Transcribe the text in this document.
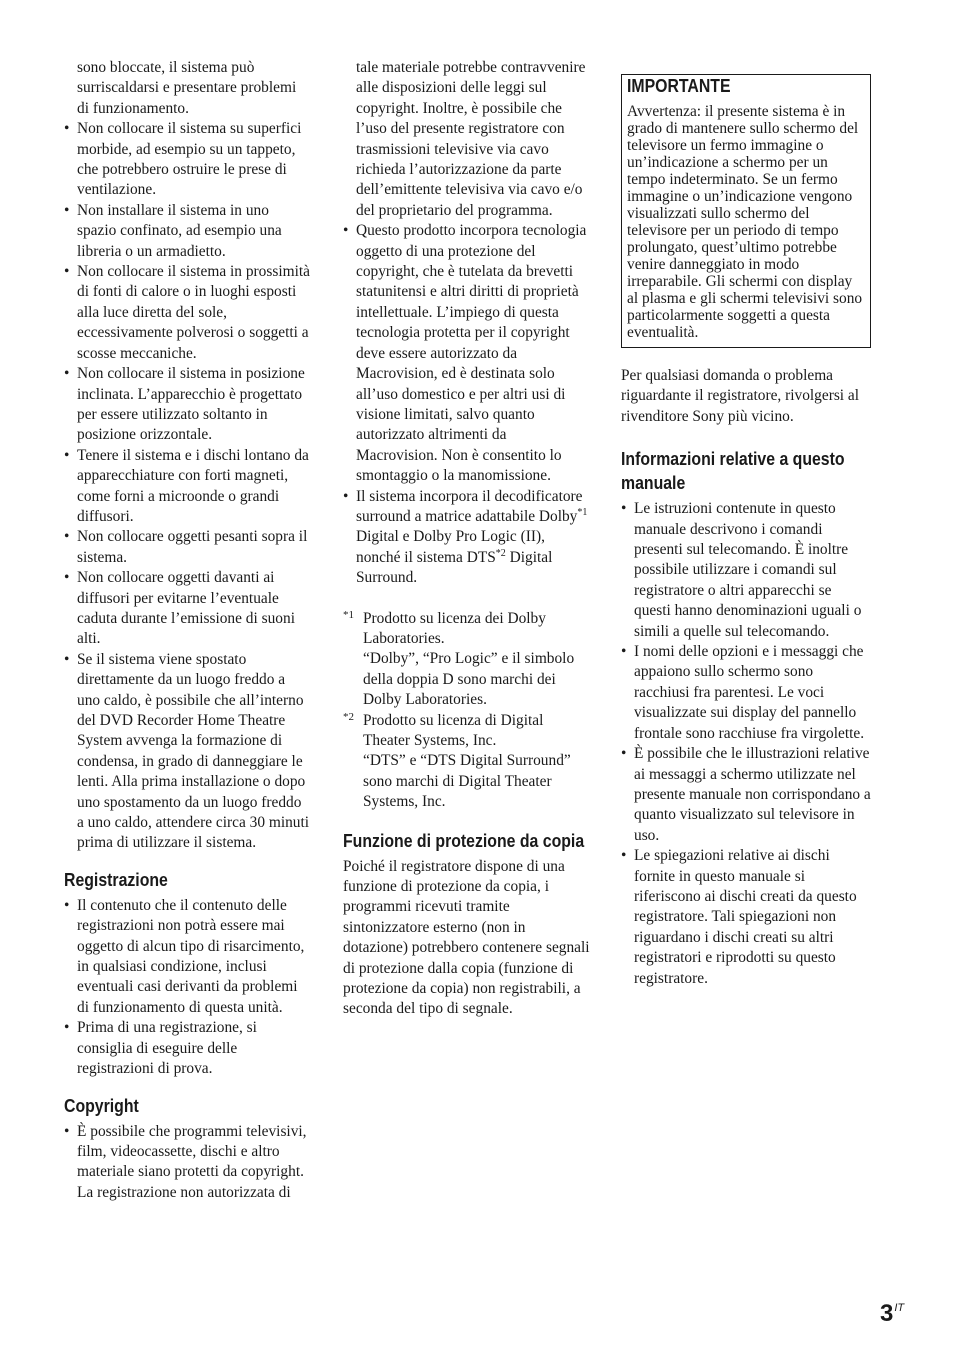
sono bloccate, il sistema può surriscaldarsi e presentare problemi di funzionamento.
• Non collocare il sistema su superfici morbide, ad esempio su un tappeto, che potrebbero ostruire le prese di ventilazione.
• Non installare il sistema in uno spazio confinato, ad esempio una libreria o un armadietto.
• Non collocare il sistema in prossimità di fonti di calore o in luoghi esposti alla luce diretta del sole, eccessivamente polverosi o soggetti a scosse meccaniche.
• Non collocare il sistema in posizione inclinata. L’apparecchio è progettato per essere utilizzato soltanto in posizione orizzontale.
• Tenere il sistema e i dischi lontano da apparecchiature con forti magneti, come forni a microonde o grandi diffusori.
• Non collocare oggetti pesanti sopra il sistema.
• Non collocare oggetti davanti ai diffusori per evitarne l’eventuale caduta durante l’emissione di suoni alti.
• Se il sistema viene spostato direttamente da un luogo freddo a uno caldo, è possibile che all’interno del DVD Recorder Home Theatre System avvenga la formazione di condensa, in grado di danneggiare le lenti. Alla prima installazione o dopo uno spostamento da un luogo freddo a uno caldo, attendere circa 30 minuti prima di utilizzare il sistema.
Registrazione
• Il contenuto che il contenuto delle registrazioni non potrà essere mai oggetto di alcun tipo di risarcimento, in qualsiasi condizione, inclusi eventuali casi derivanti da problemi di funzionamento di questa unità.
• Prima di una registrazione, si consiglia di eseguire delle registrazioni di prova.
Copyright
• È possibile che programmi televisivi, film, videocassette, dischi e altro materiale siano protetti da copyright. La registrazione non autorizzata di
tale materiale potrebbe contravvenire alle disposizioni delle leggi sul copyright. Inoltre, è possibile che l’uso del presente registratore con trasmissioni televisive via cavo richieda l’autorizzazione da parte dell’emittente televisiva via cavo e/o del proprietario del programma.
• Questo prodotto incorpora tecnologia oggetto di una protezione del copyright, che è tutelata da brevetti statunitensi e altri diritti di proprietà intellettuale. L’impiego di questa tecnologia protetta per il copyright deve essere autorizzato da Macrovision, ed è destinata solo all’uso domestico e per altri usi di visione limitati, salvo quanto autorizzato altrimenti da Macrovision. Non è consentito lo smontaggio o la manomissione.
• Il sistema incorpora il decodificatore surround a matrice adattabile Dolby$^{*1}$ Digital e Dolby Pro Logic (II), nonché il sistema DTS$^{*2}$ Digital Surround.
*1 Prodotto su licenza dei Dolby Laboratories.

“Dolby”, “Pro Logic” e il simbolo della doppia D sono marchi dei Dolby Laboratories.

*2 Prodotto su licenza di Digital Theater Systems, Inc.

“DTS” e “DTS Digital Surround” sono marchi di Digital Theater Systems, Inc.

Funzione di protezione da copia

Poiché il registratore dispone di una funzione di protezione da copia, i programmi ricevuti tramite sintonizzatore esterno (non in dotazione) potrebbero contenere segnali di protezione dalla copia (funzione di protezione da copia) non registrabili, a seconda del tipo di segnale.

IMPORTANTE

Avvertenza: il presente sistema è in grado di mantenere sullo schermo del televisore un fermo immagine o un’indicazione a schermo per un tempo indeterminato. Se un fermo immagine o un’indicazione vengono visualizzati sullo schermo del televisore per un periodo di tempo prolungato, quest’ultimo potrebbe venire danneggiato in modo irreparabile. Gli schermi con display al plasma e gli schermi televisivi sono particolarmente soggetti a questa eventualità.

Per qualsiasi domanda o problema riguardante il registratore, rivolgersi al rivenditore Sony più vicino.

Informazioni relative a questo manuale
• Le istruzioni contenute in questo manuale descrivono i comandi presenti sul telecomando. È inoltre possibile utilizzare i comandi sul registratore o altri apparecchi se questi hanno denominazioni uguali o simili a quelle sul telecomando.
• I nomi delle opzioni e i messaggi che appaiono sullo schermo sono racchiusi fra parentesi. Le voci visualizzate sui display del pannello frontale sono racchiuse fra virgolette.
• È possibile che le illustrazioni relative ai messaggi a schermo utilizzate nel presente manuale non corrispondano a quanto visualizzato sul televisore in uso.
• Le spiegazioni relative ai dischi fornite in questo manuale si riferiscono ai dischi creati da questo registratore. Tali spiegazioni non riguardano i dischi creati su altri registratori e riprodotti su questo registratore.
$3^{IT}$
